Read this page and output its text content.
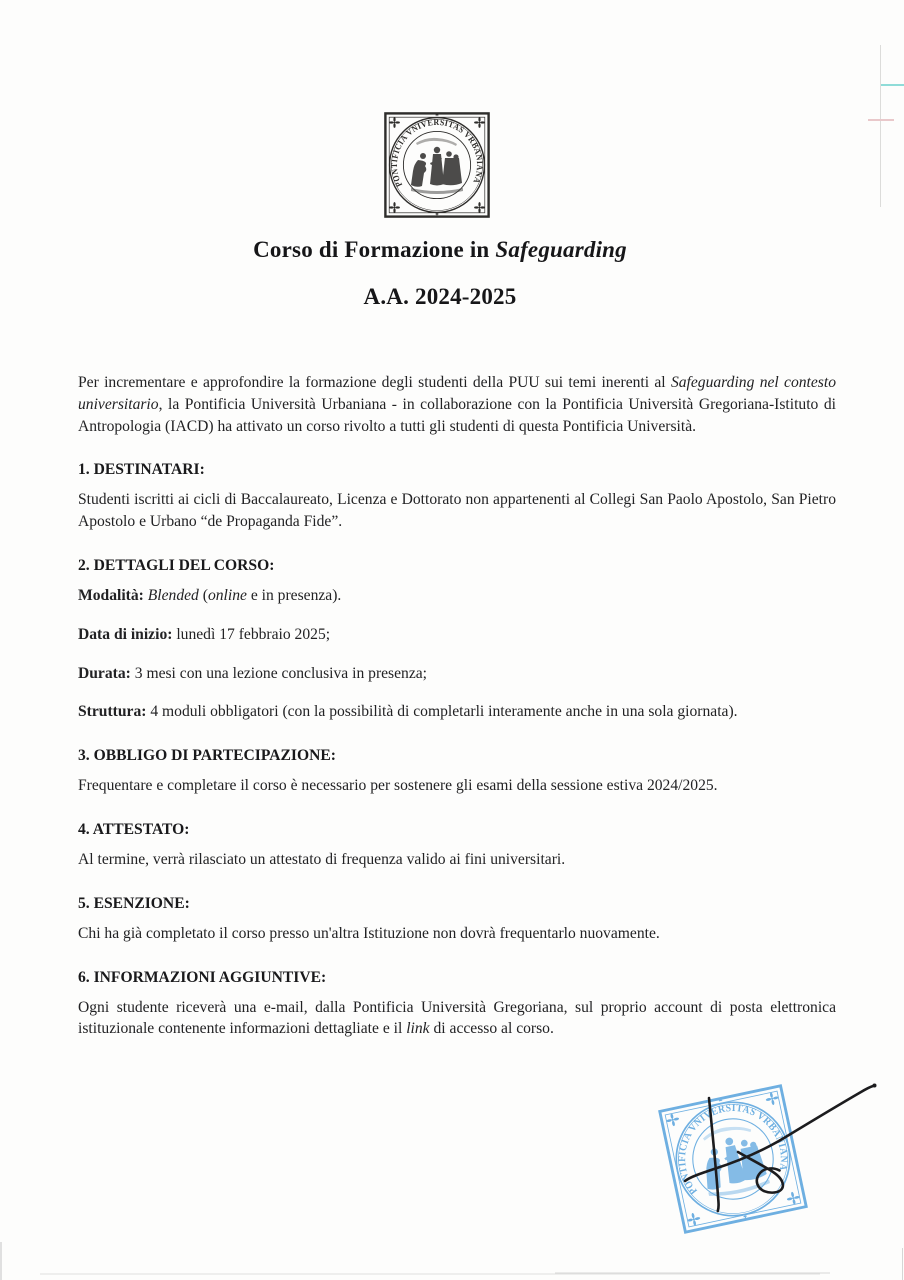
Corso di Formazione in Safeguarding
A.A. 2024-2025

Per incrementare e approfondire la formazione degli studenti della PUU sui temi inerenti al Safeguarding nel contesto universitario, la Pontificia Università Urbaniana - in collaborazione con la Pontificia Università Gregoriana-Istituto di Antropologia (IACD) ha attivato un corso rivolto a tutti gli studenti di questa Pontificia Università.

1. DESTINATARI:

Studenti iscritti ai cicli di Baccalaureato, Licenza e Dottorato non appartenenti al Collegi San Paolo Apostolo, San Pietro Apostolo e Urbano “de Propaganda Fide”.

2. DETTAGLI DEL CORSO:

Modalità: Blended (online e in presenza).

Data di inizio: lunedì 17 febbraio 2025;

Durata: 3 mesi con una lezione conclusiva in presenza;

Struttura: 4 moduli obbligatori (con la possibilità di completarli interamente anche in una sola giornata).

3. OBBLIGO DI PARTECIPAZIONE:

Frequentare e completare il corso è necessario per sostenere gli esami della sessione estiva 2024/2025.

4. ATTESTATO:

Al termine, verrà rilasciato un attestato di frequenza valido ai fini universitari.

5. ESENZIONE:

Chi ha già completato il corso presso un'altra Istituzione non dovrà frequentarlo nuovamente.

6. INFORMAZIONI AGGIUNTIVE:

Ogni studente riceverà una e-mail, dalla Pontificia Università Gregoriana, sul proprio account di posta elettronica istituzionale contenente informazioni dettagliate e il link di accesso al corso.
